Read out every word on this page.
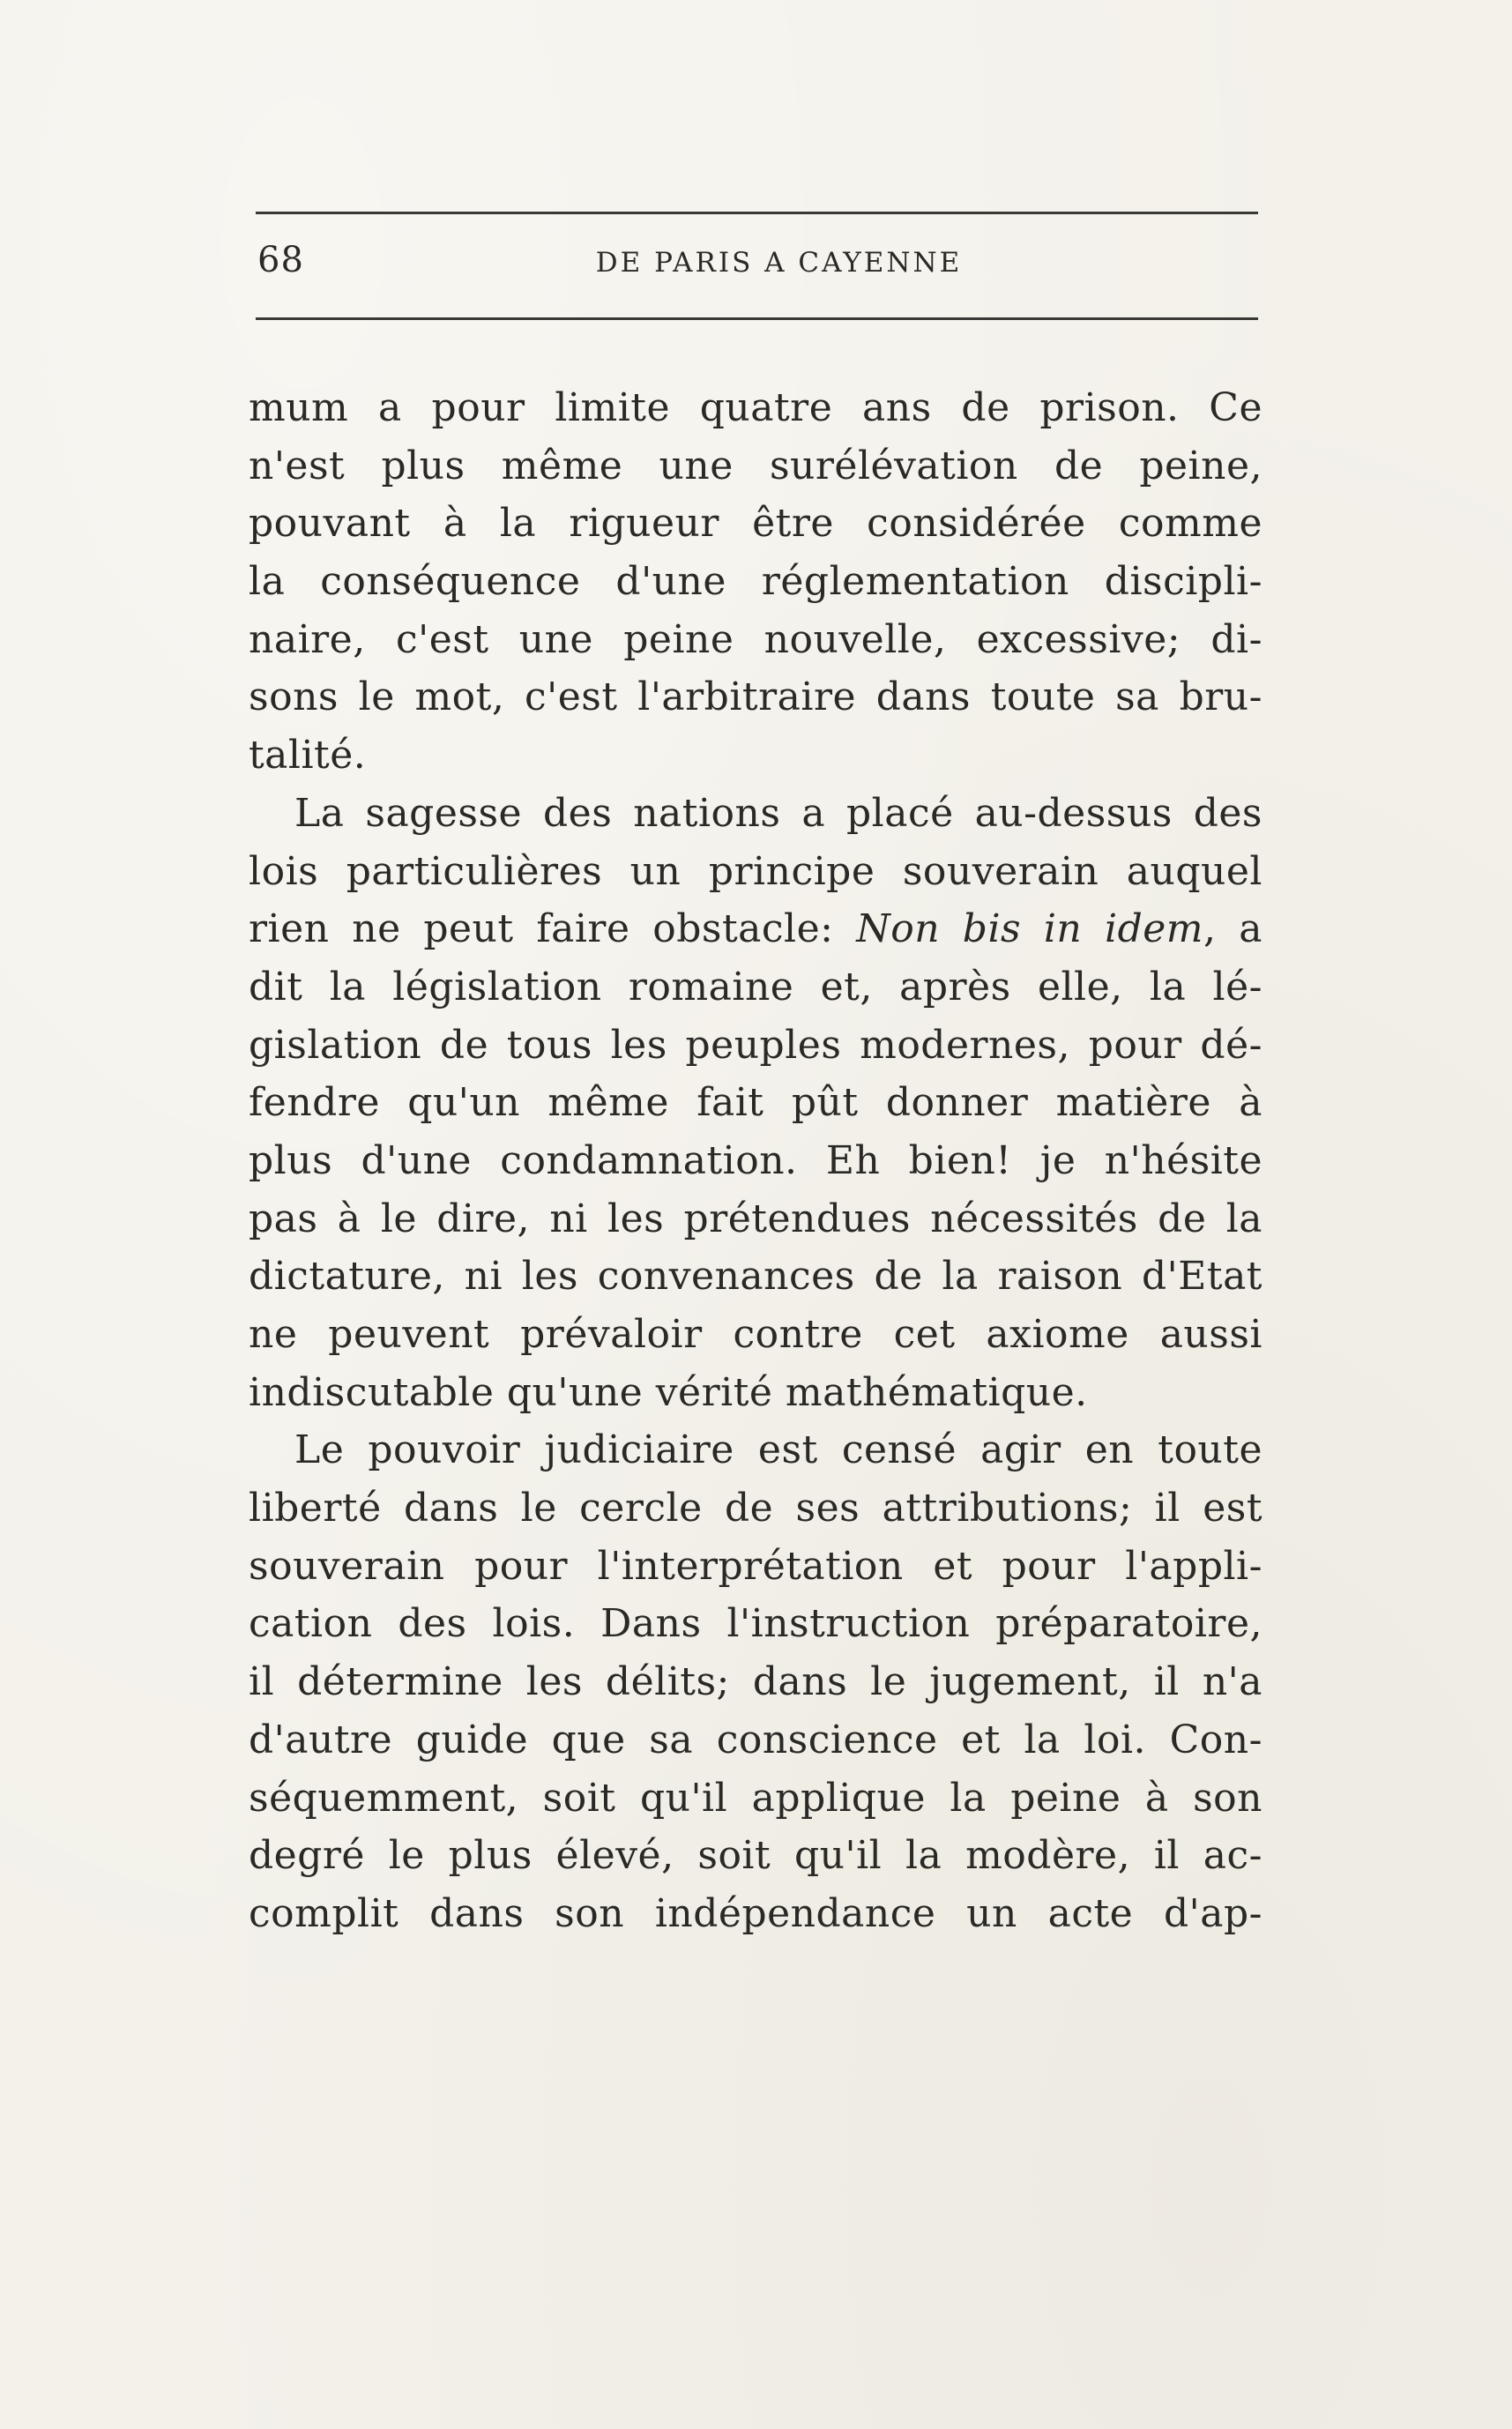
68	DE PARIS A CAYENNE
mum a pour limite quatre ans de prison. Ce
n'est plus même une surélévation de peine,
pouvant à la rigueur être considérée comme
la conséquence d'une réglementation discipli-
naire, c'est une peine nouvelle, excessive; di-
sons le mot, c'est l'arbitraire dans toute sa bru-
talité.
La sagesse des nations a placé au-dessus des
lois particulières un principe souverain auquel
rien ne peut faire obstacle: Non bis in idem, a
dit la législation romaine et, après elle, la lé-
gislation de tous les peuples modernes, pour dé-
fendre qu'un même fait pût donner matière à
plus d'une condamnation. Eh bien! je n'hésite
pas à le dire, ni les prétendues nécessités de la
dictature, ni les convenances de la raison d'Etat
ne peuvent prévaloir contre cet axiome aussi
indiscutable qu'une vérité mathématique.
Le pouvoir judiciaire est censé agir en toute
liberté dans le cercle de ses attributions; il est
souverain pour l'interprétation et pour l'appli-
cation des lois. Dans l'instruction préparatoire,
il détermine les délits; dans le jugement, il n'a
d'autre guide que sa conscience et la loi. Con-
séquemment, soit qu'il applique la peine à son
degré le plus élevé, soit qu'il la modère, il ac-
complit dans son indépendance un acte d'ap-
